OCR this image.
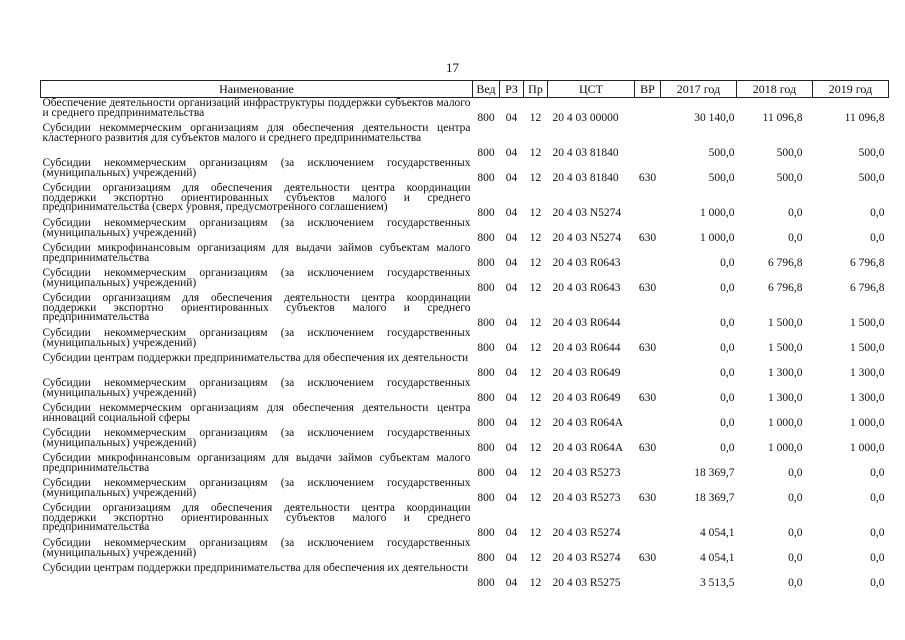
17
Наименование	Вед	РЗ	Пр	ЦСТ	ВР	2017 год	2018 год	2019 год
Обеспечение деятельности организаций инфраструктуры поддержки субъектов малого и среднего предпринимательства	800	04	12	20 4 03 00000		30 140,0	11 096,8	11 096,8
Субсидии некоммерческим организациям для обеспечения деятельности центра кластерного развития для субъектов малого и среднего предпринимательства	800	04	12	20 4 03 81840		500,0	500,0	500,0
Субсидии некоммерческим организациям (за исключением государственных (муниципальных) учреждений)	800	04	12	20 4 03 81840	630	500,0	500,0	500,0
Субсидии организациям для обеспечения деятельности центра координации поддержки экспортно ориентированных субъектов малого и среднего предпринимательства (сверх уровня, предусмотренного соглашением)	800	04	12	20 4 03 N5274		1 000,0	0,0	0,0
Субсидии некоммерческим организациям (за исключением государственных (муниципальных) учреждений)	800	04	12	20 4 03 N5274	630	1 000,0	0,0	0,0
Субсидии микрофинансовым организациям для выдачи займов субъектам малого предпринимательства	800	04	12	20 4 03 R0643		0,0	6 796,8	6 796,8
Субсидии некоммерческим организациям (за исключением государственных (муниципальных) учреждений)	800	04	12	20 4 03 R0643	630	0,0	6 796,8	6 796,8
Субсидии организациям для обеспечения деятельности центра координации поддержки экспортно ориентированных субъектов малого и среднего предпринимательства	800	04	12	20 4 03 R0644		0,0	1 500,0	1 500,0
Субсидии некоммерческим организациям (за исключением государственных (муниципальных) учреждений)	800	04	12	20 4 03 R0644	630	0,0	1 500,0	1 500,0
Субсидии центрам поддержки предпринимательства для обеспечения их деятельности	800	04	12	20 4 03 R0649		0,0	1 300,0	1 300,0
Субсидии некоммерческим организациям (за исключением государственных (муниципальных) учреждений)	800	04	12	20 4 03 R0649	630	0,0	1 300,0	1 300,0
Субсидии некоммерческим организациям для обеспечения деятельности центра инноваций социальной сферы	800	04	12	20 4 03 R064A		0,0	1 000,0	1 000,0
Субсидии некоммерческим организациям (за исключением государственных (муниципальных) учреждений)	800	04	12	20 4 03 R064A	630	0,0	1 000,0	1 000,0
Субсидии микрофинансовым организациям для выдачи займов субъектам малого предпринимательства	800	04	12	20 4 03 R5273		18 369,7	0,0	0,0
Субсидии некоммерческим организациям (за исключением государственных (муниципальных) учреждений)	800	04	12	20 4 03 R5273	630	18 369,7	0,0	0,0
Субсидии организациям для обеспечения деятельности центра координации поддержки экспортно ориентированных субъектов малого и среднего предпринимательства	800	04	12	20 4 03 R5274		4 054,1	0,0	0,0
Субсидии некоммерческим организациям (за исключением государственных (муниципальных) учреждений)	800	04	12	20 4 03 R5274	630	4 054,1	0,0	0,0
Субсидии центрам поддержки предпринимательства для обеспечения их деятельности	800	04	12	20 4 03 R5275		3 513,5	0,0	0,0
